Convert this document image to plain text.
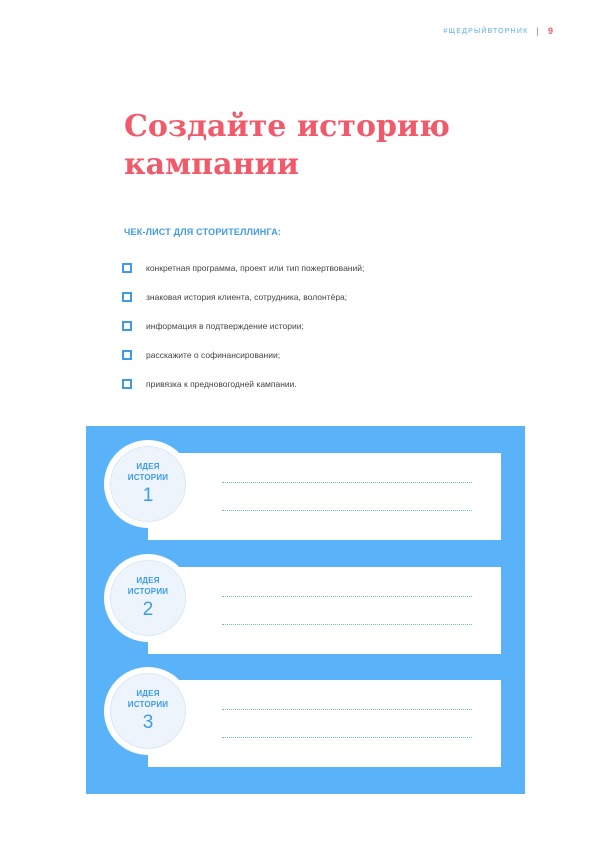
#ЩЕДРЫЙВТОРНИК | 9
Создайте историю кампании
ЧЕК-ЛИСТ ДЛЯ СТОРИТЕЛЛИНГА:
конкретная программа, проект или тип пожертвований;
знаковая история клиента, сотрудника, волонтёра;
информация в подтверждение истории;
расскажите о софинансировании;
привязка к предновогодней кампании.
ИДЕЯ
ИСТОРИИ
1
ИДЕЯ
ИСТОРИИ
2
ИДЕЯ
ИСТОРИИ
3
